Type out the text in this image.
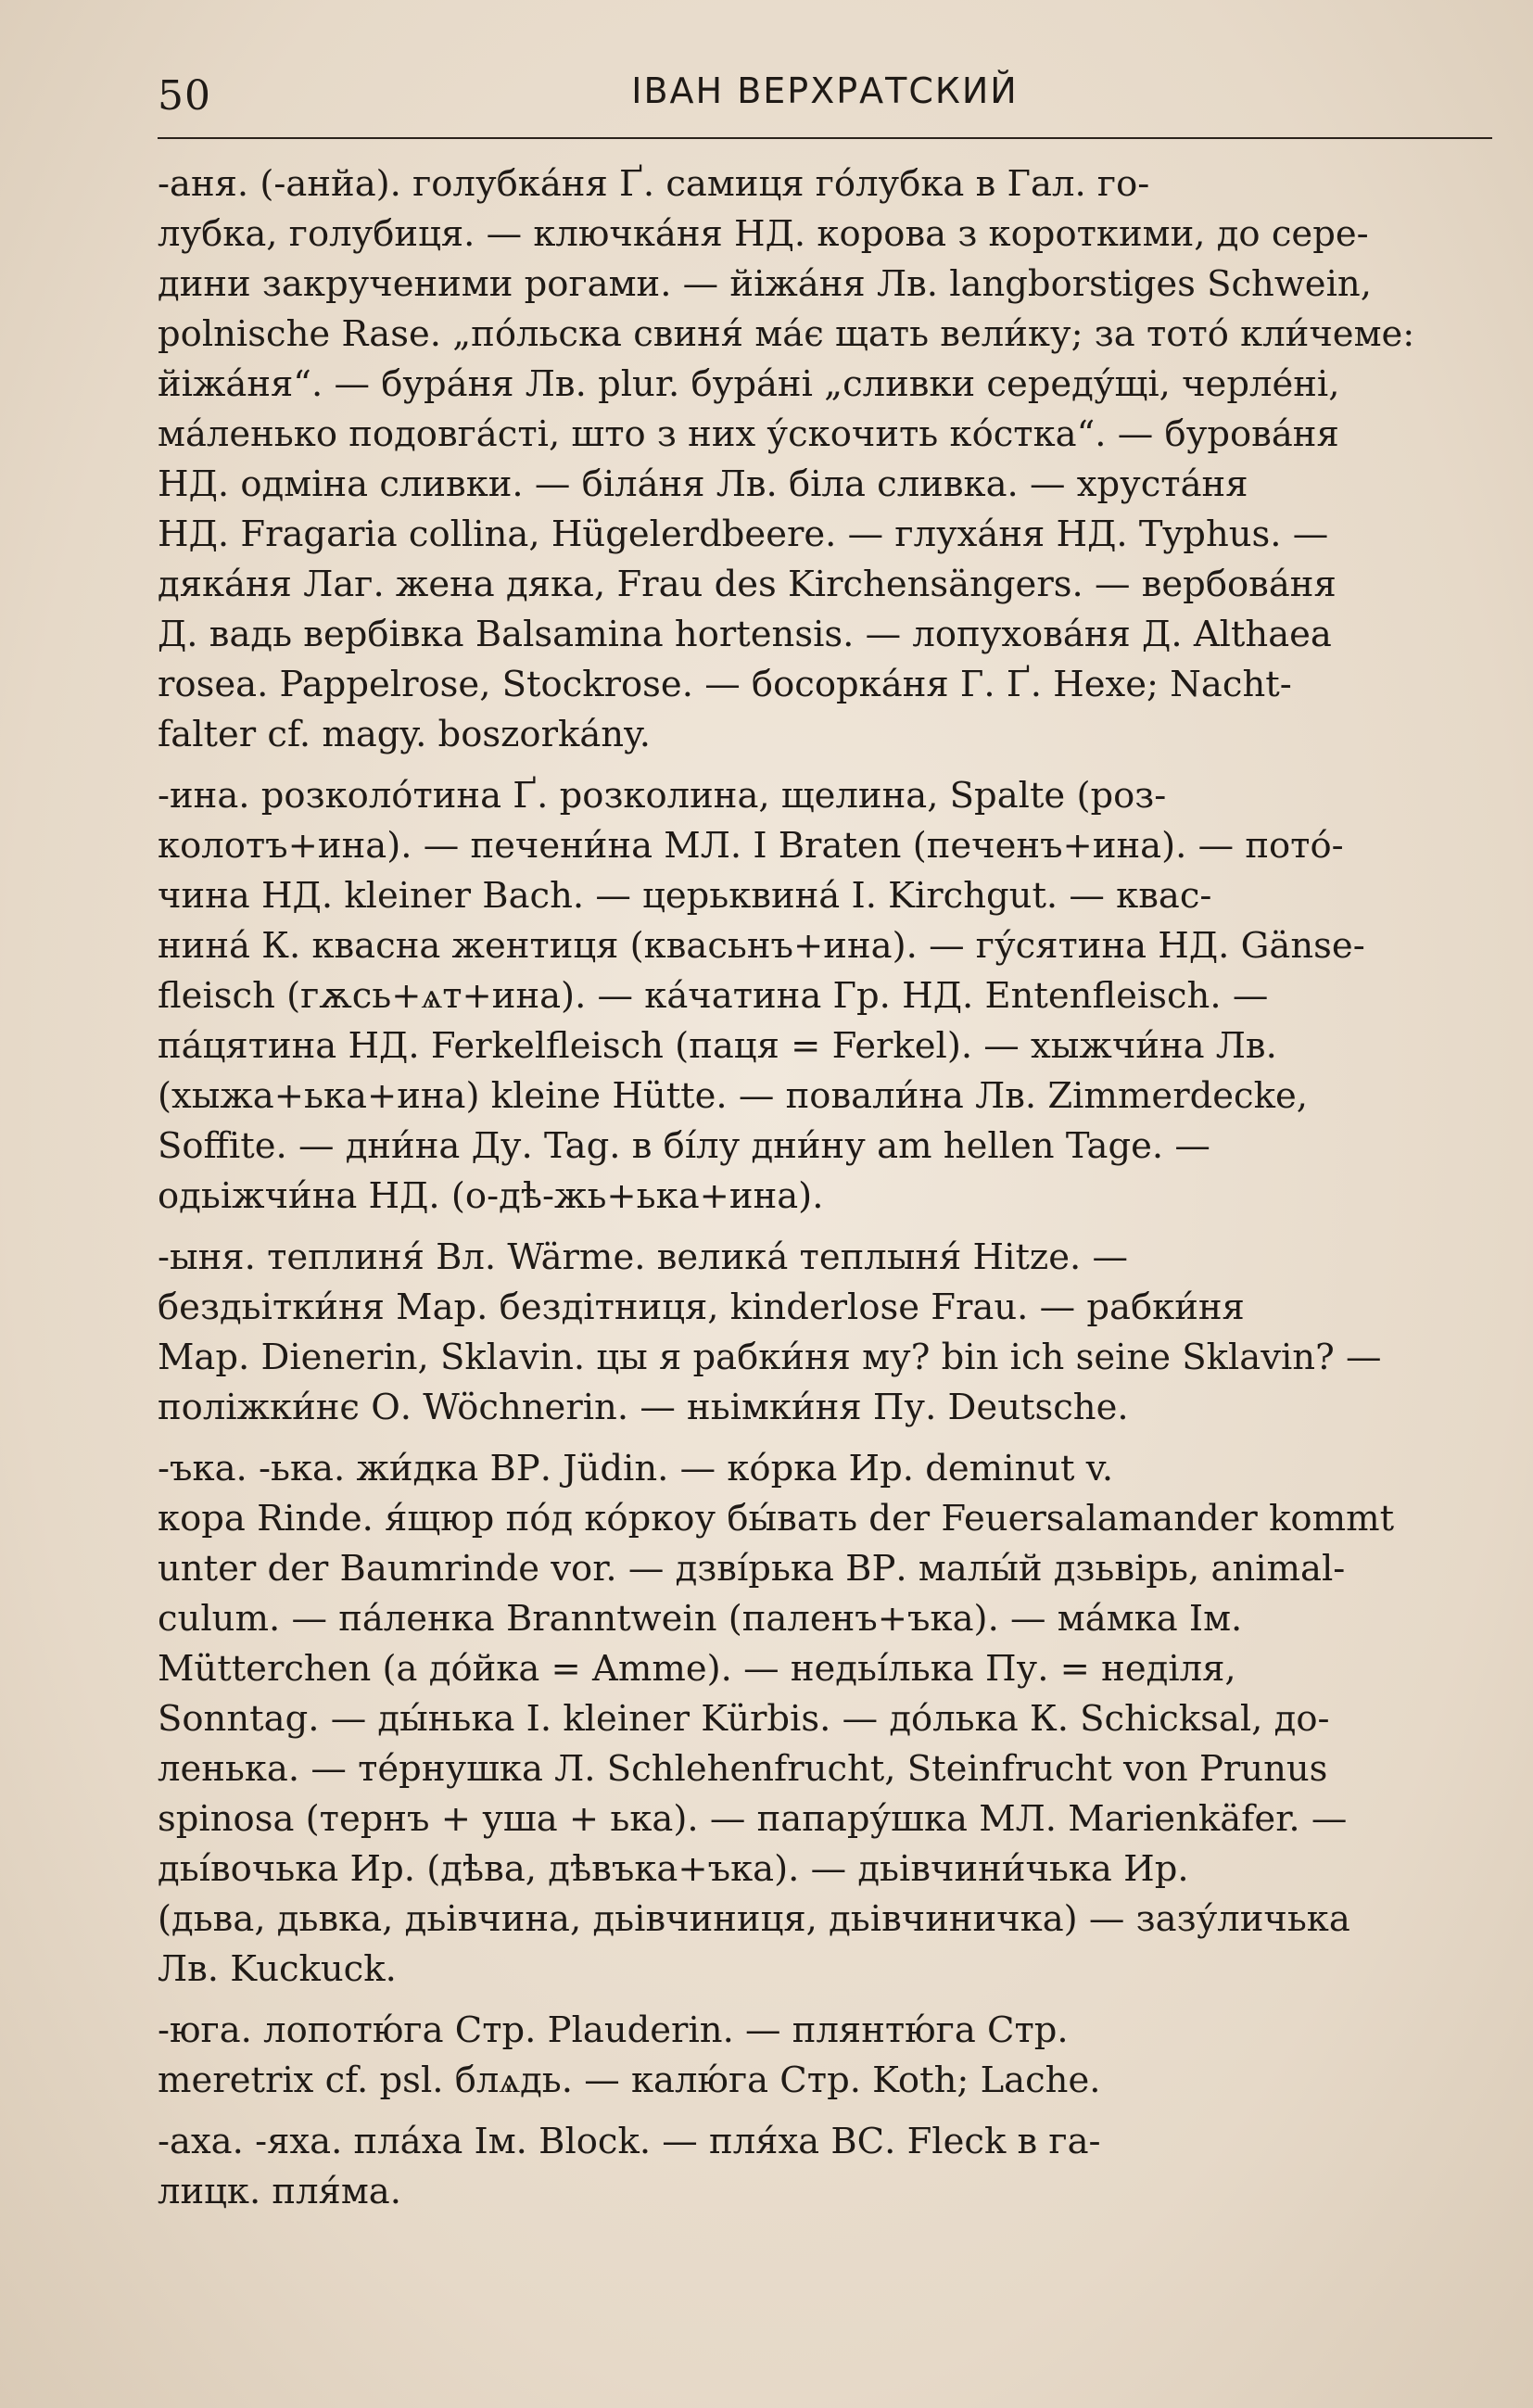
50	ІВАН ВЕРХРАТСКИЙ

-аня. (-анйа). голубка́ня Ґ. самиця го́лубка в Гал. го-
лубка, голубиця. — ключка́ня НД. корова з короткими, до сере-
дини закрученими рогами. — йіжа́ня Лв. langborstiges Schwein,
polnische Rase. „по́льска свиня́ ма́є щать вели́ку; за тото́ кли́чеме:
йіжа́ня“. — бура́ня Лв. plur. бура́ні „сливки середу́щі, черле́ні,
ма́ленько подовга́сті, што з них у́скочить ко́стка“. — бурова́ня
НД. одміна сливки. — біла́ня Лв. біла сливка. — хруста́ня
НД. Fragaria collina, Hügelerdbeere. — глуха́ня НД. Typhus. —
дяка́ня Лаг. жена дяка, Frau des Kirchensängers. — вербова́ня
Д. вадь вербівка Balsamina hortensis. — лопухова́ня Д. Althaea
rosea. Pappelrose, Stockrose. — босорка́ня Г. Ґ. Hexe; Nacht-
falter cf. magy. boszorkány.

-ина. розколо́тина Ґ. розколина, щелина, Spalte (роз-
колотъ+ина). — печени́на МЛ. І Braten (печенъ+ина). — пото́-
чина НД. kleiner Bach. — церьквина́ І. Kirchgut. — квас-
нина́ К. квасна жентиця (квасьнъ+ина). — гу́сятина НД. Gänse-
fleisch (гѫсь+ѧт+ина). — ка́чатина Гр. НД. Entenfleisch. —
па́цятина НД. Ferkelfleisch (паця = Ferkel). — хыжчи́на Лв.
(хыжа+ька+ина) kleine Hütte. — повали́на Лв. Zimmerdecke,
Soffite. — дни́на Ду. Tag. в бі́лу дни́ну am hellen Tage. —
одьіжчи́на НД. (о-дѣ-жь+ька+ина).

-ыня. теплиня́ Вл. Wärme. велика́ теплыня́ Hitze. —
бездьітки́ня Мар. бездітниця, kinderlose Frau. — рабки́ня
Мар. Dienerin, Sklavin. цы я рабки́ня му? bin ich seine Sklavin? —
поліжки́нє О. Wöchnerin. — ньімки́ня Пу. Deutsche.

-ъка. -ька. жи́дка ВР. Jüdin. — ко́рка Ир. deminut v.
кора Rinde. я́щюр по́д ко́ркоу бы́вать der Feuersalamander kommt
unter der Baumrinde vor. — дзві́рька ВР. малы́й дзьвірь, animal-
culum. — па́ленка Branntwein (паленъ+ъка). — ма́мка Ім.
Mütterchen (а до́йка = Amme). — недьі́лька Пу. = неділя,
Sonntag. — ды́нька І. kleiner Kürbis. — до́лька К. Schicksal, до-
ленька. — те́рнушка Л. Schlehenfrucht, Steinfrucht von Prunus
spinosa (тернъ + уша + ька). — папару́шка МЛ. Marienkäfer. —
дьі́вочька Ир. (дѣва, дѣвъка+ъка). — дьівчини́чька Ир.
(дьва, дьвка, дьівчина, дьівчиниця, дьівчиничка) — зазу́личька
Лв. Kuckuck.

-юга. лопотю́га Стр. Plauderin. — плянтю́га Стр.
meretrix cf. psl. блѧдь. — калю́га Стр. Koth; Lache.

-аха. -яха. пла́ха Ім. Block. — пля́ха ВС. Fleck в га-
лицк. пля́ма.
